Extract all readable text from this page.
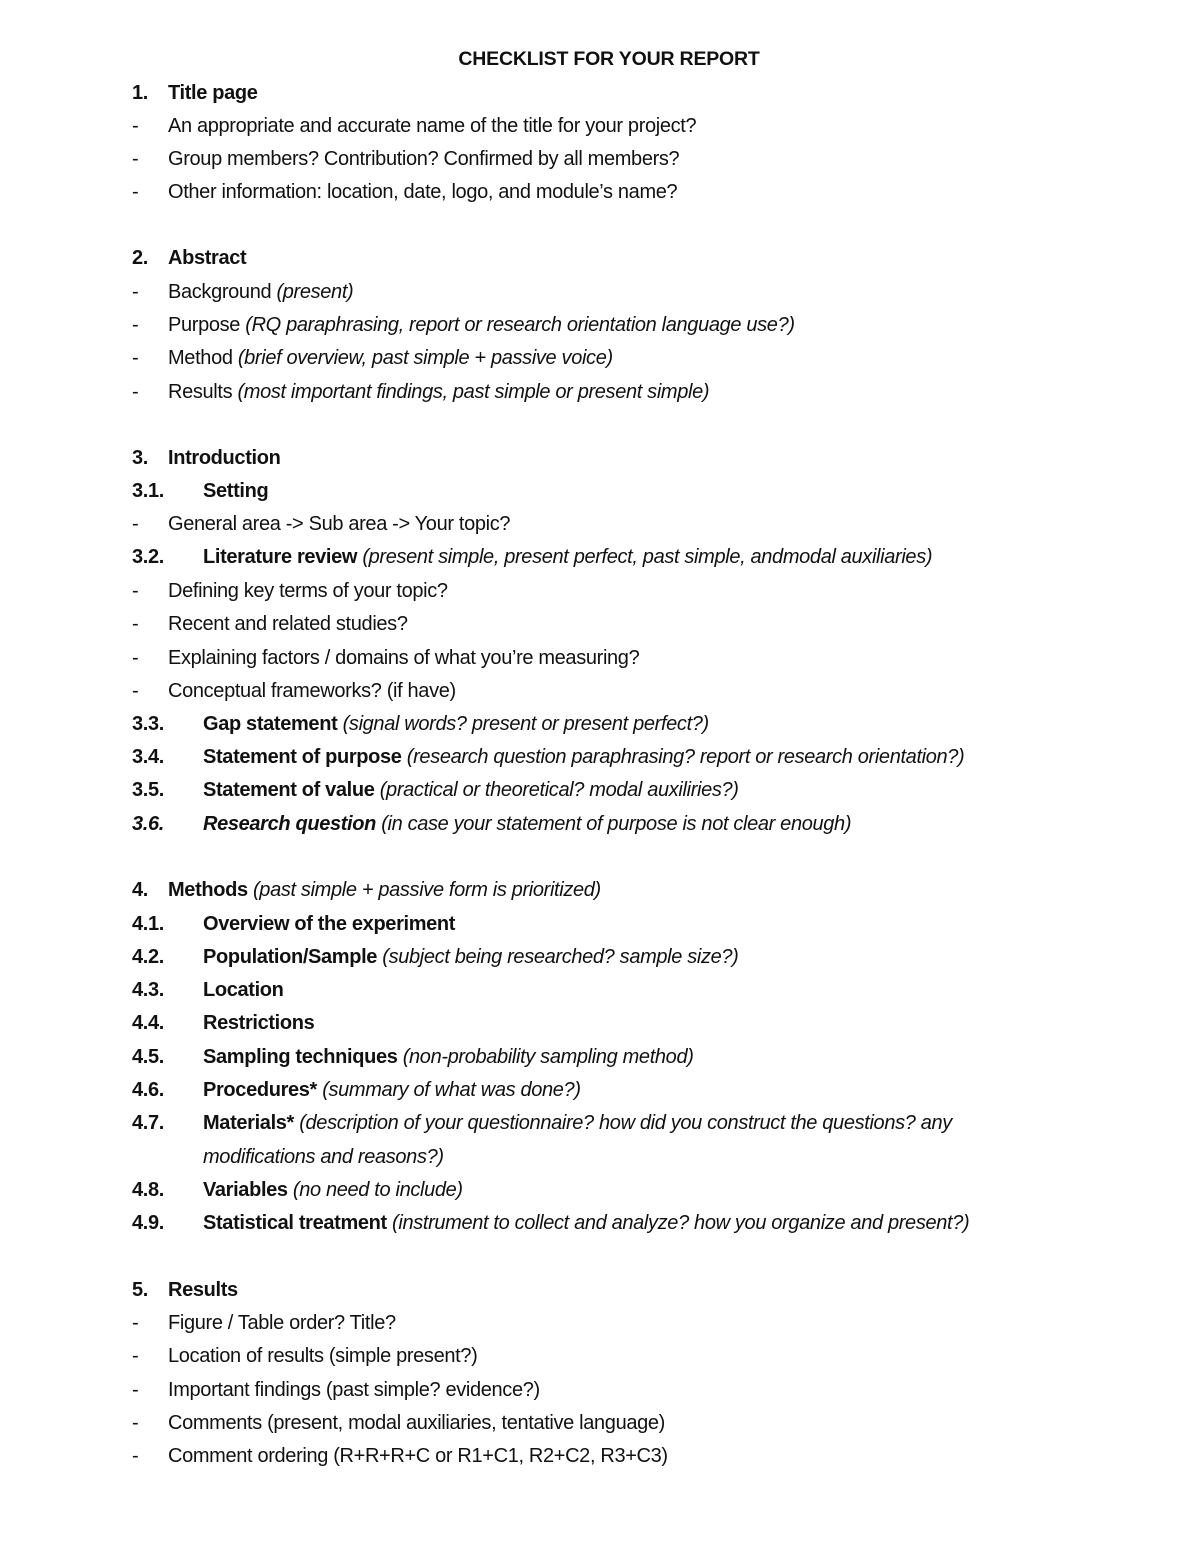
CHECKLIST FOR YOUR REPORT
1. Title page
-	An appropriate and accurate name of the title for your project?
-	Group members? Contribution? Confirmed by all members?
-	Other information: location, date, logo, and module’s name?
2. Abstract
-	Background (present)
-	Purpose (RQ paraphrasing, report or research orientation language use?)
-	Method (brief overview, past simple + passive voice)
-	Results (most important findings, past simple or present simple)
3. Introduction
3.1. Setting
-	General area -> Sub area -> Your topic?
3.2. Literature review (present simple, present perfect, past simple, andmodal auxiliaries)
-	Defining key terms of your topic?
-	Recent and related studies?
-	Explaining factors / domains of what you’re measuring?
-	Conceptual frameworks? (if have)
3.3. Gap statement (signal words? present or present perfect?)
3.4. Statement of purpose (research question paraphrasing? report or research orientation?)
3.5. Statement of value (practical or theoretical? modal auxiliries?)
3.6. Research question (in case your statement of purpose is not clear enough)
4. Methods (past simple + passive form is prioritized)
4.1. Overview of the experiment
4.2. Population/Sample (subject being researched? sample size?)
4.3. Location
4.4. Restrictions
4.5. Sampling techniques (non-probability sampling method)
4.6. Procedures* (summary of what was done?)
4.7. Materials* (description of your questionnaire? how did you construct the questions? any
modifications and reasons?)
4.8. Variables (no need to include)
4.9. Statistical treatment (instrument to collect and analyze? how you organize and present?)
5. Results
-	Figure / Table order? Title?
-	Location of results (simple present?)
-	Important findings (past simple? evidence?)
-	Comments (present, modal auxiliaries, tentative language)
-	Comment ordering (R+R+R+C or R1+C1, R2+C2, R3+C3)
